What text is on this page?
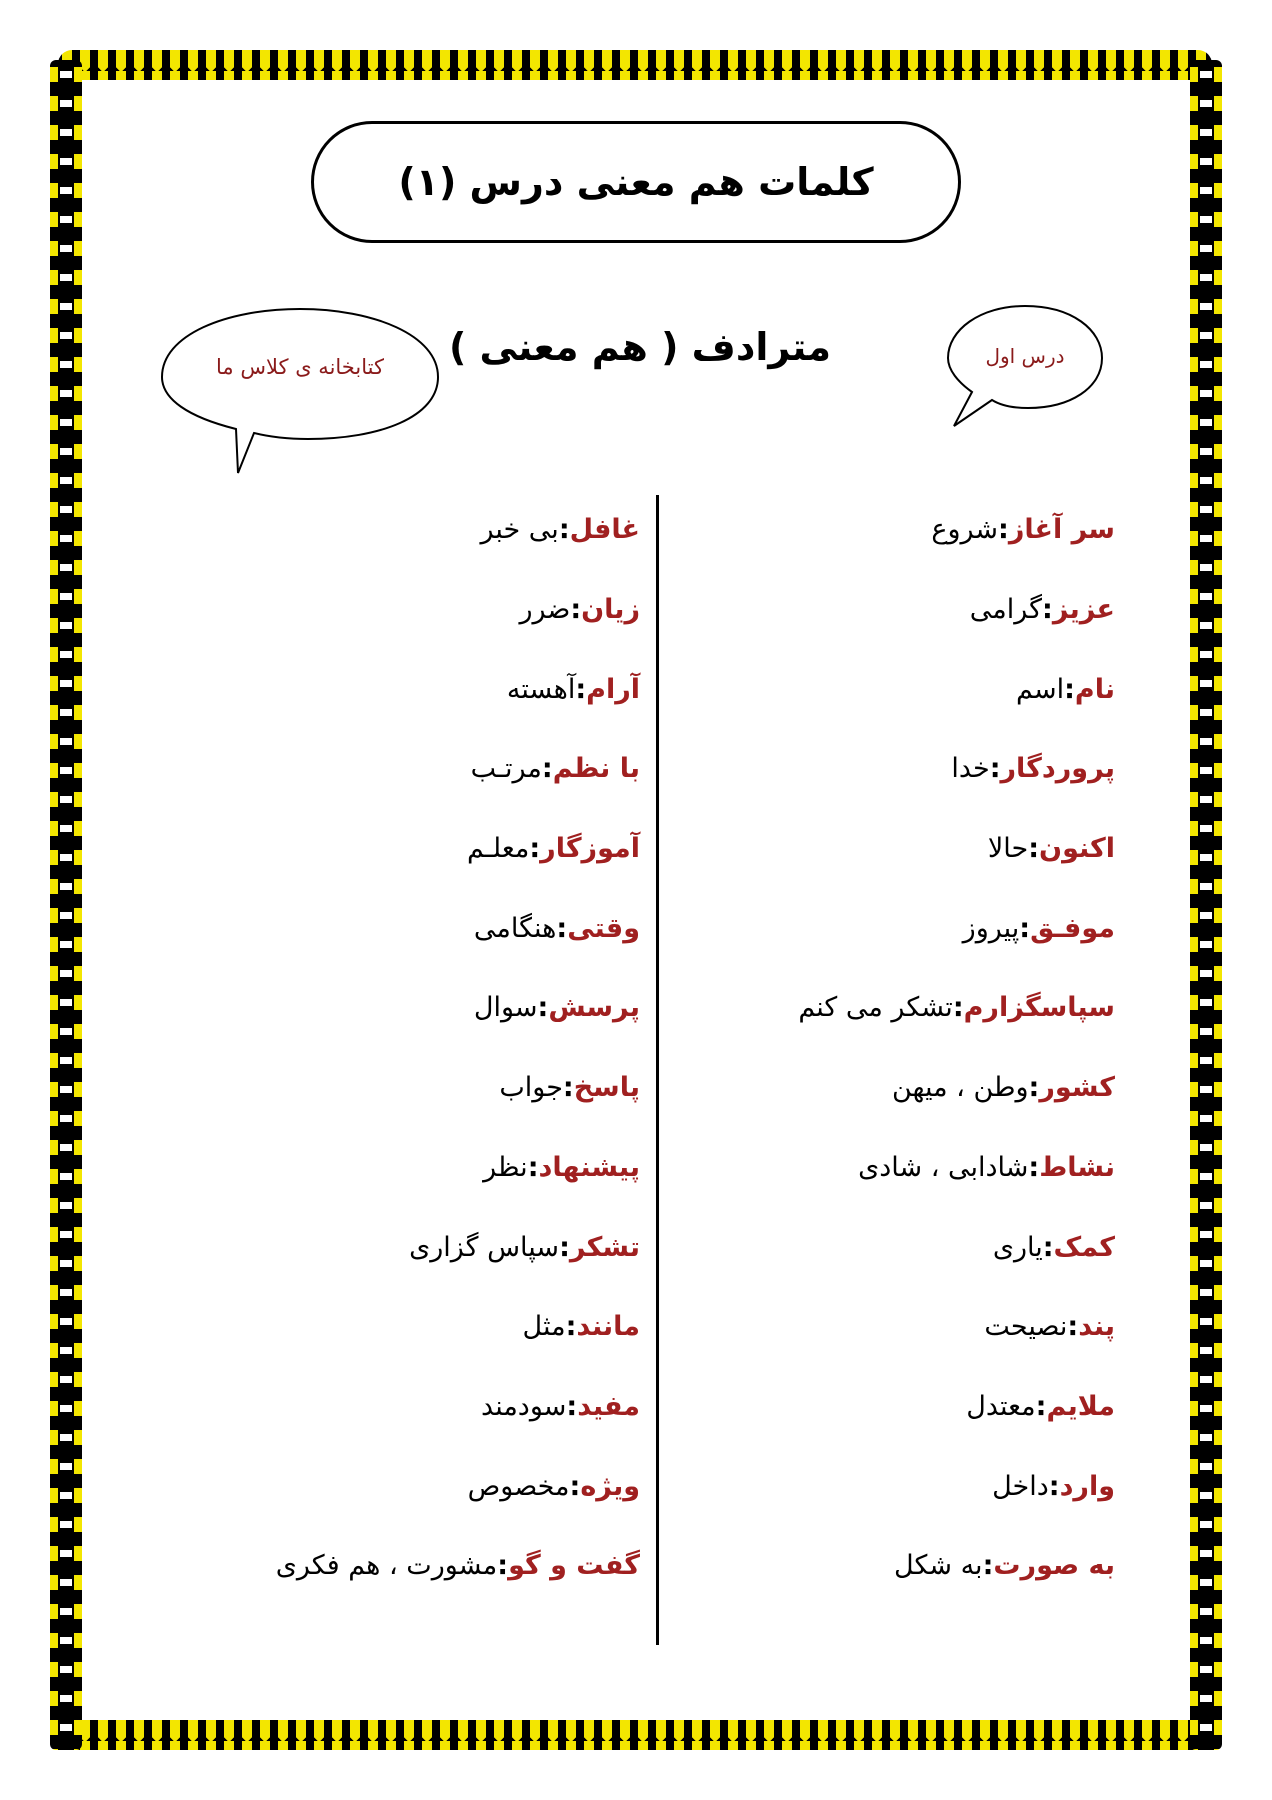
کلمات هم معنی درس (۱)
مترادف ( هم معنی )	درس اول
کتابخانه ی کلاس ما
سر آغاز
:
شروع
عزیز
:
گرامی
نام
:
اسم
پروردگار
:
خدا
اکنون
:
حالا
موفـق
:
پیروز
سپاسگزارم
:
تشکر می کنم
کشور
:
وطن ، میهن
نشاط
:
شادابی ، شادی
کمک
:
یاری
پند
:
نصیحت
ملایم
:
معتدل
وارد
:
داخل
به صورت
:
به شکل
غافل
:
بی خبر
زیان
:
ضرر
آرام
:
آهسته
با نظم
:
مرتـب
آموزگار
:
معلـم
وقتی
:
هنگامی
پرسش
:
سوال
پاسخ
:
جواب
پیشنهاد
:
نظر
تشکر
:
سپاس گزاری
مانند
:
مثل
مفید
:
سودمند
ویژه
:
مخصوص
گفت و گو
:
مشورت ، هم فکری
